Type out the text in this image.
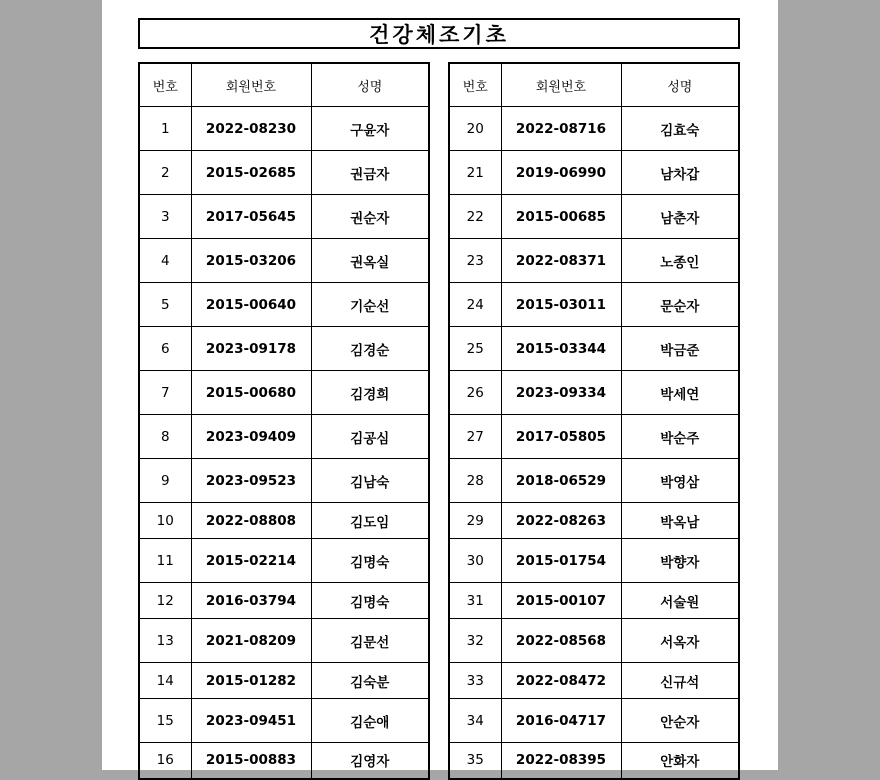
건강체조기초
번호	회원번호	성명
1	2022-08230	구윤자
2	2015-02685	권금자
3	2017-05645	권순자
4	2015-03206	권옥실
5	2015-00640	기순선
6	2023-09178	김경순
7	2015-00680	김경희
8	2023-09409	김공심
9	2023-09523	김남숙
10	2022-08808	김도임
11	2015-02214	김명숙
12	2016-03794	김명숙
13	2021-08209	김문선
14	2015-01282	김숙분
15	2023-09451	김순애
16	2015-00883	김영자
번호	회원번호	성명
20	2022-08716	김효숙
21	2019-06990	남차갑
22	2015-00685	남춘자
23	2022-08371	노종인
24	2015-03011	문순자
25	2015-03344	박금준
26	2023-09334	박세연
27	2017-05805	박순주
28	2018-06529	박영삼
29	2022-08263	박옥남
30	2015-01754	박향자
31	2015-00107	서술원
32	2022-08568	서옥자
33	2022-08472	신규석
34	2016-04717	안순자
35	2022-08395	안화자
